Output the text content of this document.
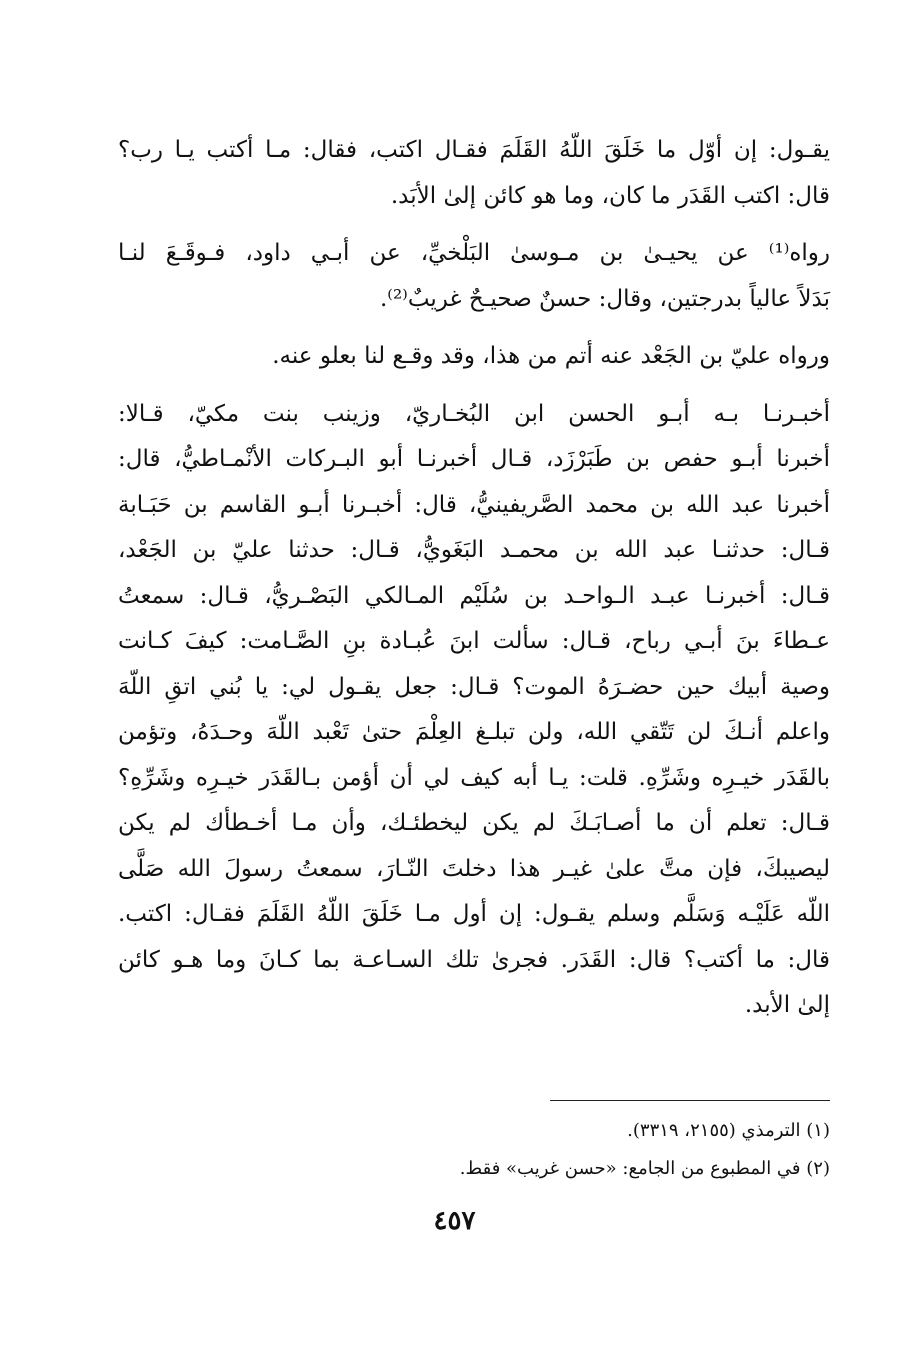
يقـول: إن أوّل ما خَلَقَ اللّهُ القَلَمَ فقـال اكتب، فقال: مـا أكتب يـا رب؟
قال: اكتب القَدَر ما كان، وما هو كائن إلىٰ الأبَد.
رواه⁽¹⁾ عن يحيـىٰ بن مـوسىٰ البَلْخيِّ، عن أبـي داود، فـوقَـعَ لنـا
بَدَلاً عالياً بدرجتين، وقال: حسنٌ صحيـحٌ غريبٌ⁽²⁾.
ورواه عليّ بن الجَعْد عنه أتم من هذا، وقد وقـع لنا بعلو عنه.
أخبـرنـا بـه أبـو الحسن ابن البُخـاريّ، وزينب بنت مكيّ، قـالا:
أخبرنا أبـو حفص بن طَبَرْزَد، قـال أخبرنـا أبو البـركات الأنْمـاطيُّ، قال:
أخبرنا عبد الله بن محمد الصَّريفينيُّ، قال: أخبـرنا أبـو القاسم بن حَبَـابة
قـال: حدثنـا عبد الله بن محمـد البَغَويُّ، قـال: حدثنا عليّ بن الجَعْد،
قـال: أخبرنـا عبـد الـواحـد بن سُلَيْم المـالكي البَصْـريُّ، قـال: سمعتُ
عـطاءَ بنَ أبـي رباح، قـال: سألت ابنَ عُبـادة بنِ الصَّـامت: كيفَ كـانت
وصية أبيك حين حضـرَهُ الموت؟ قـال: جعل يقـول لي: يا بُني اتقِ اللّهَ
واعلم أنـكَ لن تَتّقي الله، ولن تبلـغ العِلْمَ حتىٰ تَعْبد اللّهَ وحـدَهُ، وتؤمن
بالقَدَر خيـرِه وشَرِّهِ. قلت: يـا أبه كيف لي أن أؤمن بـالقَدَر خيـرِه وشَرِّهِ؟
قـال: تعلم أن ما أصـابَـكَ لم يكن ليخطئـك، وأن مـا أخـطأك لم يكن
ليصيبكَ، فإن متَّ علىٰ غيـر هذا دخلتَ النّـارَ، سمعتُ رسولَ الله صَلَّى
اللّه عَلَيْـه وَسَلَّم وسلم يقـول: إن أول مـا خَلَقَ اللّهُ القَلَمَ فقـال: اكتب.
قال: ما أكتب؟ قال: القَدَر. فجرىٰ تلك السـاعـة بما كـانَ وما هـو كائن
إلىٰ الأبد.
(١) الترمذي (٢١٥٥، ٣٣١٩).
(٢) في المطبوع من الجامع: «حسن غريب» فقط.
٤٥٧
